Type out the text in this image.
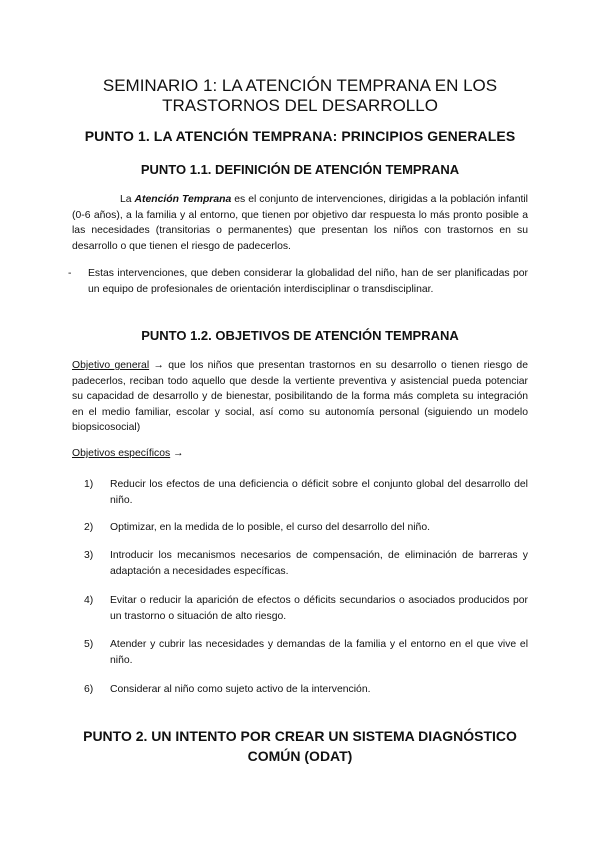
SEMINARIO 1: LA ATENCIÓN TEMPRANA EN LOS TRASTORNOS DEL DESARROLLO
PUNTO 1. LA ATENCIÓN TEMPRANA: PRINCIPIOS GENERALES
PUNTO 1.1. DEFINICIÓN DE ATENCIÓN TEMPRANA
La Atención Temprana es el conjunto de intervenciones, dirigidas a la población infantil (0-6 años), a la familia y al entorno, que tienen por objetivo dar respuesta lo más pronto posible a las necesidades (transitorias o permanentes) que presentan los niños con trastornos en su desarrollo o que tienen el riesgo de padecerlos.
- Estas intervenciones, que deben considerar la globalidad del niño, han de ser planificadas por un equipo de profesionales de orientación interdisciplinar o transdisciplinar.
PUNTO 1.2. OBJETIVOS DE ATENCIÓN TEMPRANA
Objetivo general → que los niños que presentan trastornos en su desarrollo o tienen riesgo de padecerlos, reciban todo aquello que desde la vertiente preventiva y asistencial pueda potenciar su capacidad de desarrollo y de bienestar, posibilitando de la forma más completa su integración en el medio familiar, escolar y social, así como su autonomía personal (siguiendo un modelo biopsicosocial)
Objetivos específicos →
1) Reducir los efectos de una deficiencia o déficit sobre el conjunto global del desarrollo del niño.
2) Optimizar, en la medida de lo posible, el curso del desarrollo del niño.
3) Introducir los mecanismos necesarios de compensación, de eliminación de barreras y adaptación a necesidades específicas.
4) Evitar o reducir la aparición de efectos o déficits secundarios o asociados producidos por un trastorno o situación de alto riesgo.
5) Atender y cubrir las necesidades y demandas de la familia y el entorno en el que vive el niño.
6) Considerar al niño como sujeto activo de la intervención.
PUNTO 2. UN INTENTO POR CREAR UN SISTEMA DIAGNÓSTICO COMÚN (ODAT)
